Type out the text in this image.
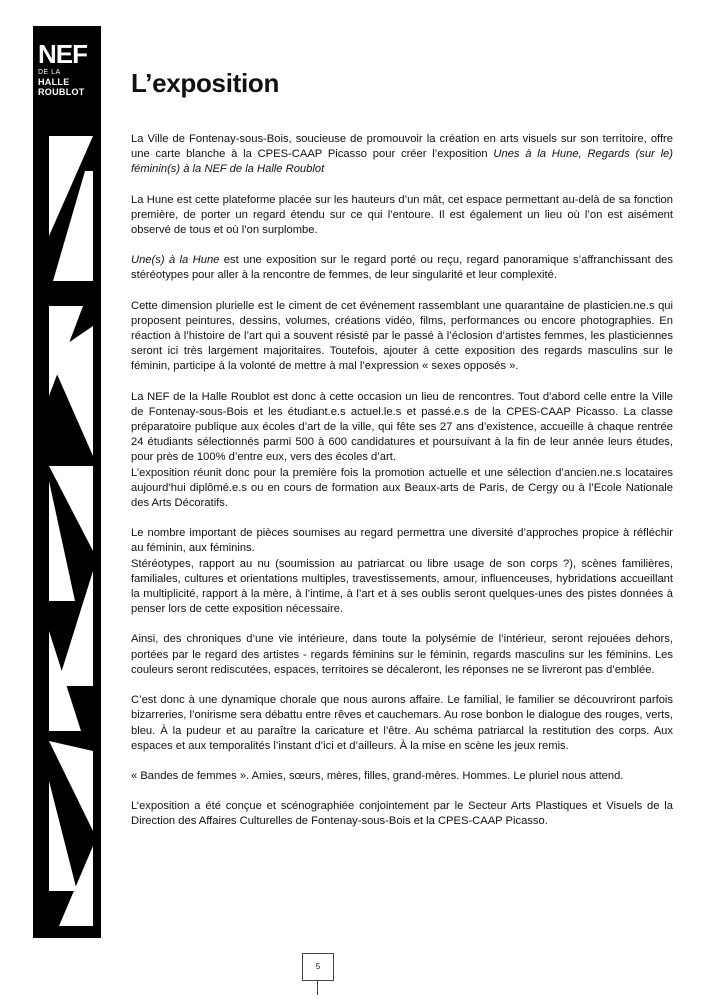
NEF
DE LA
HALLE
ROUBLOT	L’exposition

La Ville de Fontenay-sous-Bois, soucieuse de promouvoir la création en arts visuels sur son territoire, offre une carte blanche à la CPES-CAAP Picasso pour créer l’exposition Unes à la Hune, Regards (sur le) féminin(s) à la NEF de la Halle Roublot

La Hune est cette plateforme placée sur les hauteurs d’un mât, cet espace permettant au-delà de sa fonction première, de porter un regard étendu sur ce qui l’entoure. Il est également un lieu où l’on est aisément observé de tous et où l’on surplombe.

Une(s) à la Hune est une exposition sur le regard porté ou reçu, regard panoramique s’affranchissant des stéréotypes pour aller à la rencontre de femmes, de leur singularité et leur complexité.

Cette dimension plurielle est le ciment de cet événement rassemblant une quarantaine de plasticien.ne.s qui proposent peintures, dessins, volumes, créations vidéo, films, performances ou encore photographies. En réaction à l’histoire de l’art qui a souvent résisté par le passé à l’éclosion d’artistes femmes, les plasticiennes seront ici très largement majoritaires. Toutefois, ajouter à cette exposition des regards masculins sur le féminin, participe à la volonté de mettre à mal l’expression « sexes opposés ».

La NEF de la Halle Roublot est donc à cette occasion un lieu de rencontres. Tout d’abord celle entre la Ville de Fontenay-sous-Bois et les étudiant.e.s actuel.le.s et passé.e.s de la CPES-CAAP Picasso. La classe préparatoire publique aux écoles d’art de la ville, qui fête ses 27 ans d’existence, accueille à chaque rentrée 24 étudiants sélectionnés parmi 500 à 600 candidatures et poursuivant à la fin de leur année leurs études, pour près de 100% d’entre eux, vers des écoles d’art.

L’exposition réunit donc pour la première fois la promotion actuelle et une sélection d’ancien.ne.s locataires aujourd’hui diplômé.e.s ou en cours de formation aux Beaux-arts de Paris, de Cergy ou à l’Ecole Nationale des Arts Décoratifs.

Le nombre important de pièces soumises au regard permettra une diversité d’approches propice à réfléchir au féminin, aux féminins.

Stéréotypes, rapport au nu (soumission au patriarcat ou libre usage de son corps ?), scènes familières, familiales, cultures et orientations multiples, travestissements, amour, influenceuses, hybridations accueillant la multiplicité, rapport à la mère, à l’intime, à l’art et à ses oublis seront quelques-unes des pistes données à penser lors de cette exposition nécessaire.

Ainsi, des chroniques d’une vie intérieure, dans toute la polysémie de l’intérieur, seront rejouées dehors, portées par le regard des artistes - regards féminins sur le féminin, regards masculins sur les féminins. Les couleurs seront rediscutées, espaces, territoires se décaleront, les réponses ne se livreront pas d’emblée.

C’est donc à une dynamique chorale que nous aurons affaire. Le familial, le familier se découvriront parfois bizarreries, l’onirisme sera débattu entre rêves et cauchemars. Au rose bonbon le dialogue des rouges, verts, bleu. À la pudeur et au paraître la caricature et l’être. Au schéma patriarcal la restitution des corps. Aux espaces et aux temporalités l’instant d’ici et d’ailleurs. À la mise en scène les jeux remis.

« Bandes de femmes ». Amies, sœurs, mères, filles, grand-mères. Hommes. Le pluriel nous attend.

L’exposition a été conçue et scénographiée conjointement par le Secteur Arts Plastiques et Visuels de la Direction des Affaires Culturelles de Fontenay-sous-Bois et la CPES-CAAP Picasso.

5
